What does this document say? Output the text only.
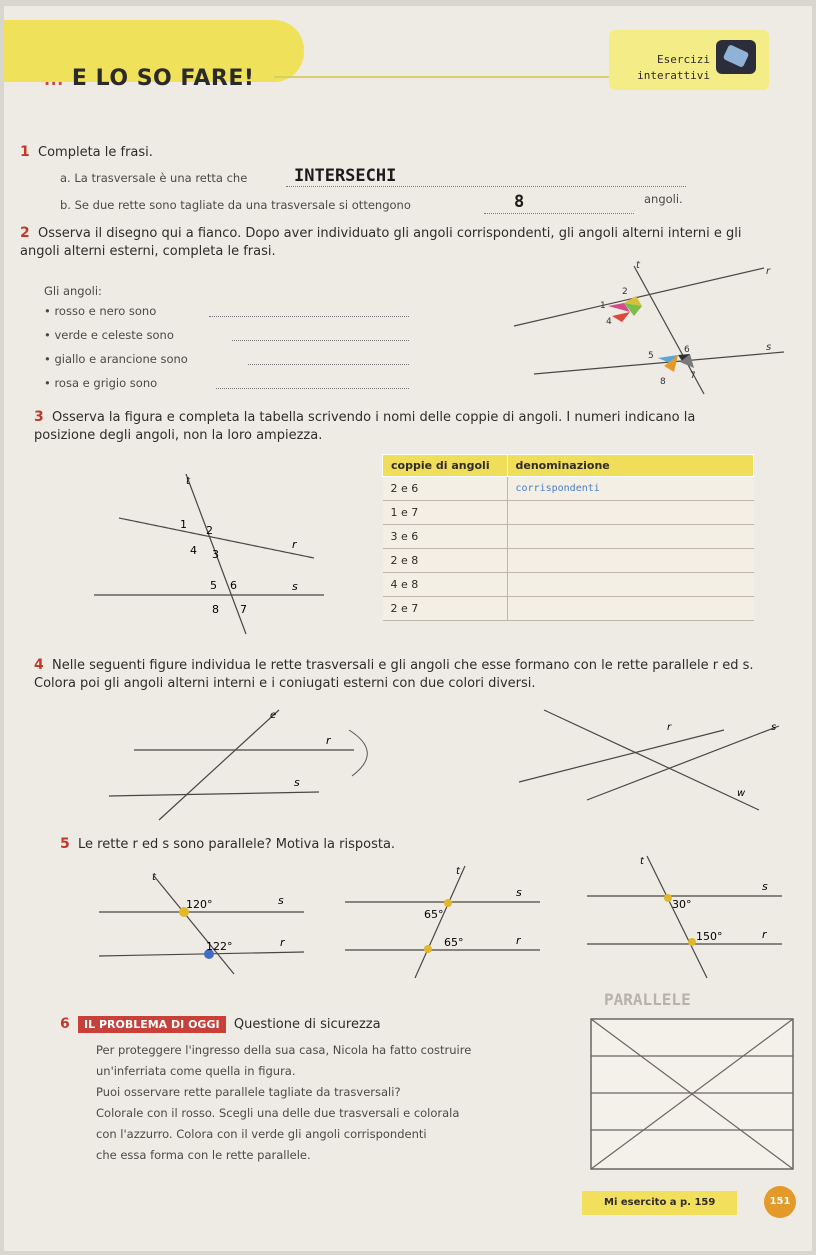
... E LO SO FARE!
Esercizi
interattivi
1 Completa le frasi.
a. La trasversale è una retta che	INTERSECHI
b. Se due rette sono tagliate da una trasversale si ottengono	8	angoli.
2 Osserva il disegno qui a fianco. Dopo aver individuato gli angoli corrispondenti, gli angoli alterni interni e gli angoli alterni esterni, completa le frasi.
Gli angoli:
• rosso e nero sono
• verde e celeste sono
• giallo e arancione sono
• rosa e grigio sono
t
r
s
2
1
4
6
5
7
8
3 Osserva la figura e completa la tabella scrivendo i nomi delle coppie di angoli. I numeri indicano la posizione degli angoli, non la loro ampiezza.
t
r
s
1 2
4 3
5 6
8 7
coppie di angoli	denominazione
2 e 6	corrispondenti
1 e 7	
3 e 6	
2 e 8	
4 e 8	
2 e 7	
4 Nelle seguenti figure individua le rette trasversali e gli angoli che esse formano con le rette parallele r ed s. Colora poi gli angoli alterni interni e i coniugati esterni con due colori diversi.
e
r
s
r	s
w
5 Le rette r ed s sono parallele? Motiva la risposta.
t
s
r
120°
122°
t
s
r
65°
65°
t
s
r
30°
150°
PARALLELE
6 IL PROBLEMA DI OGGI Questione di sicurezza
Per proteggere l'ingresso della sua casa, Nicola ha fatto costruire
un'inferriata come quella in figura.
Puoi osservare rette parallele tagliate da trasversali?
Colorale con il rosso. Scegli una delle due trasversali e colorala
con l'azzurro. Colora con il verde gli angoli corrispondenti
che essa forma con le rette parallele.
Mi esercito a p. 159	151
